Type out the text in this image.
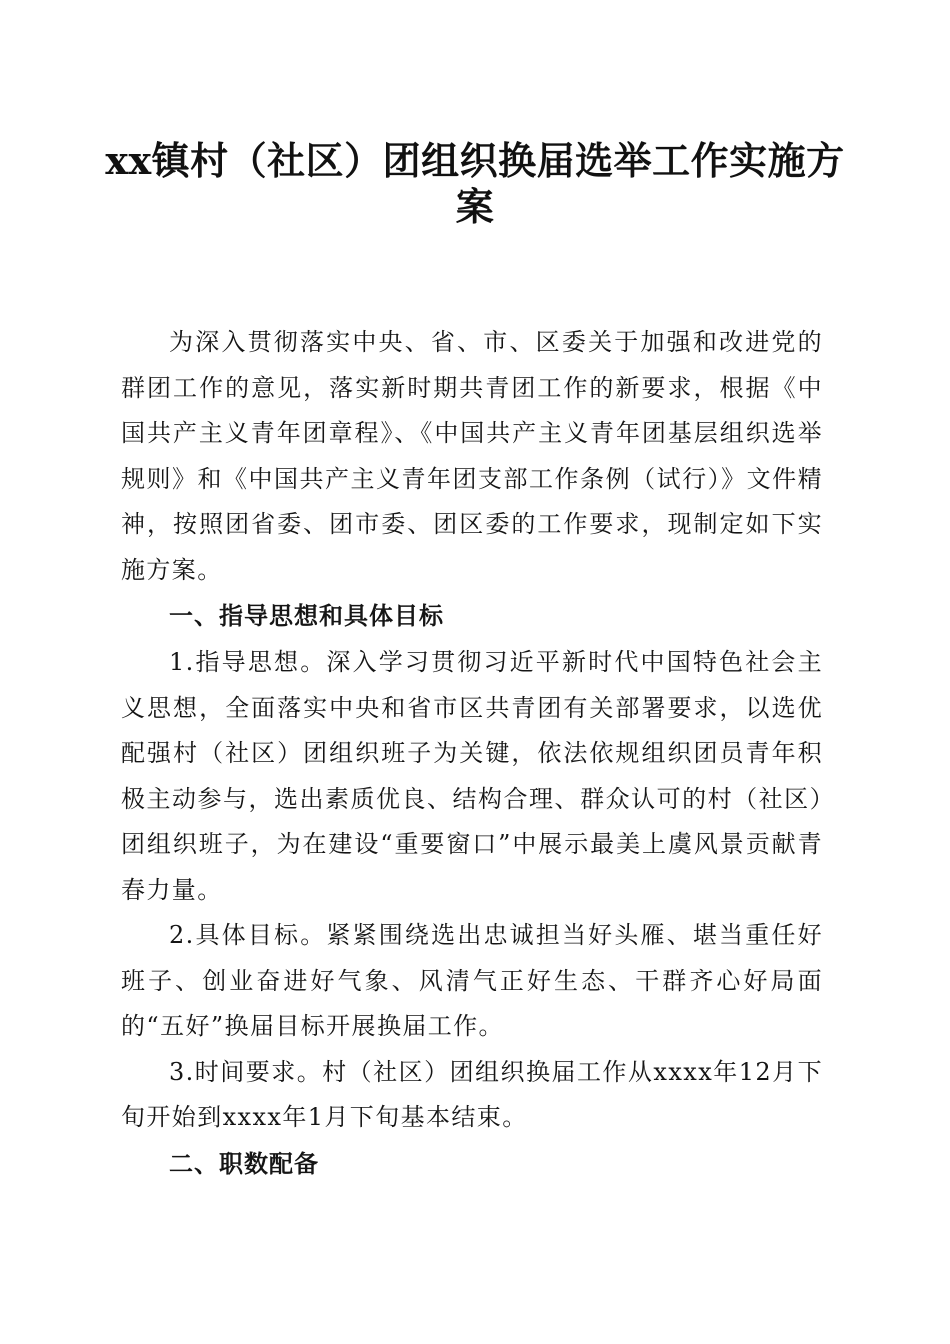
xx镇村（社区）团组织换届选举工作实施方案

为深入贯彻落实中央、省、市、区委关于加强和改进党的群团工作的意见，落实新时期共青团工作的新要求，根据《中国共产主义青年团章程》、《中国共产主义青年团基层组织选举规则》和《中国共产主义青年团支部工作条例（试行）》文件精神，按照团省委、团市委、团区委的工作要求，现制定如下实施方案。

一、指导思想和具体目标

1.指导思想。深入学习贯彻习近平新时代中国特色社会主义思想，全面落实中央和省市区共青团有关部署要求，以选优配强村（社区）团组织班子为关键，依法依规组织团员青年积极主动参与，选出素质优良、结构合理、群众认可的村（社区）团组织班子，为在建设“重要窗口”中展示最美上虞风景贡献青春力量。

2.具体目标。紧紧围绕选出忠诚担当好头雁、堪当重任好班子、创业奋进好气象、风清气正好生态、干群齐心好局面的“五好”换届目标开展换届工作。

3.时间要求。村（社区）团组织换届工作从xxxx年12月下旬开始到xxxx年1月下旬基本结束。

二、职数配备
